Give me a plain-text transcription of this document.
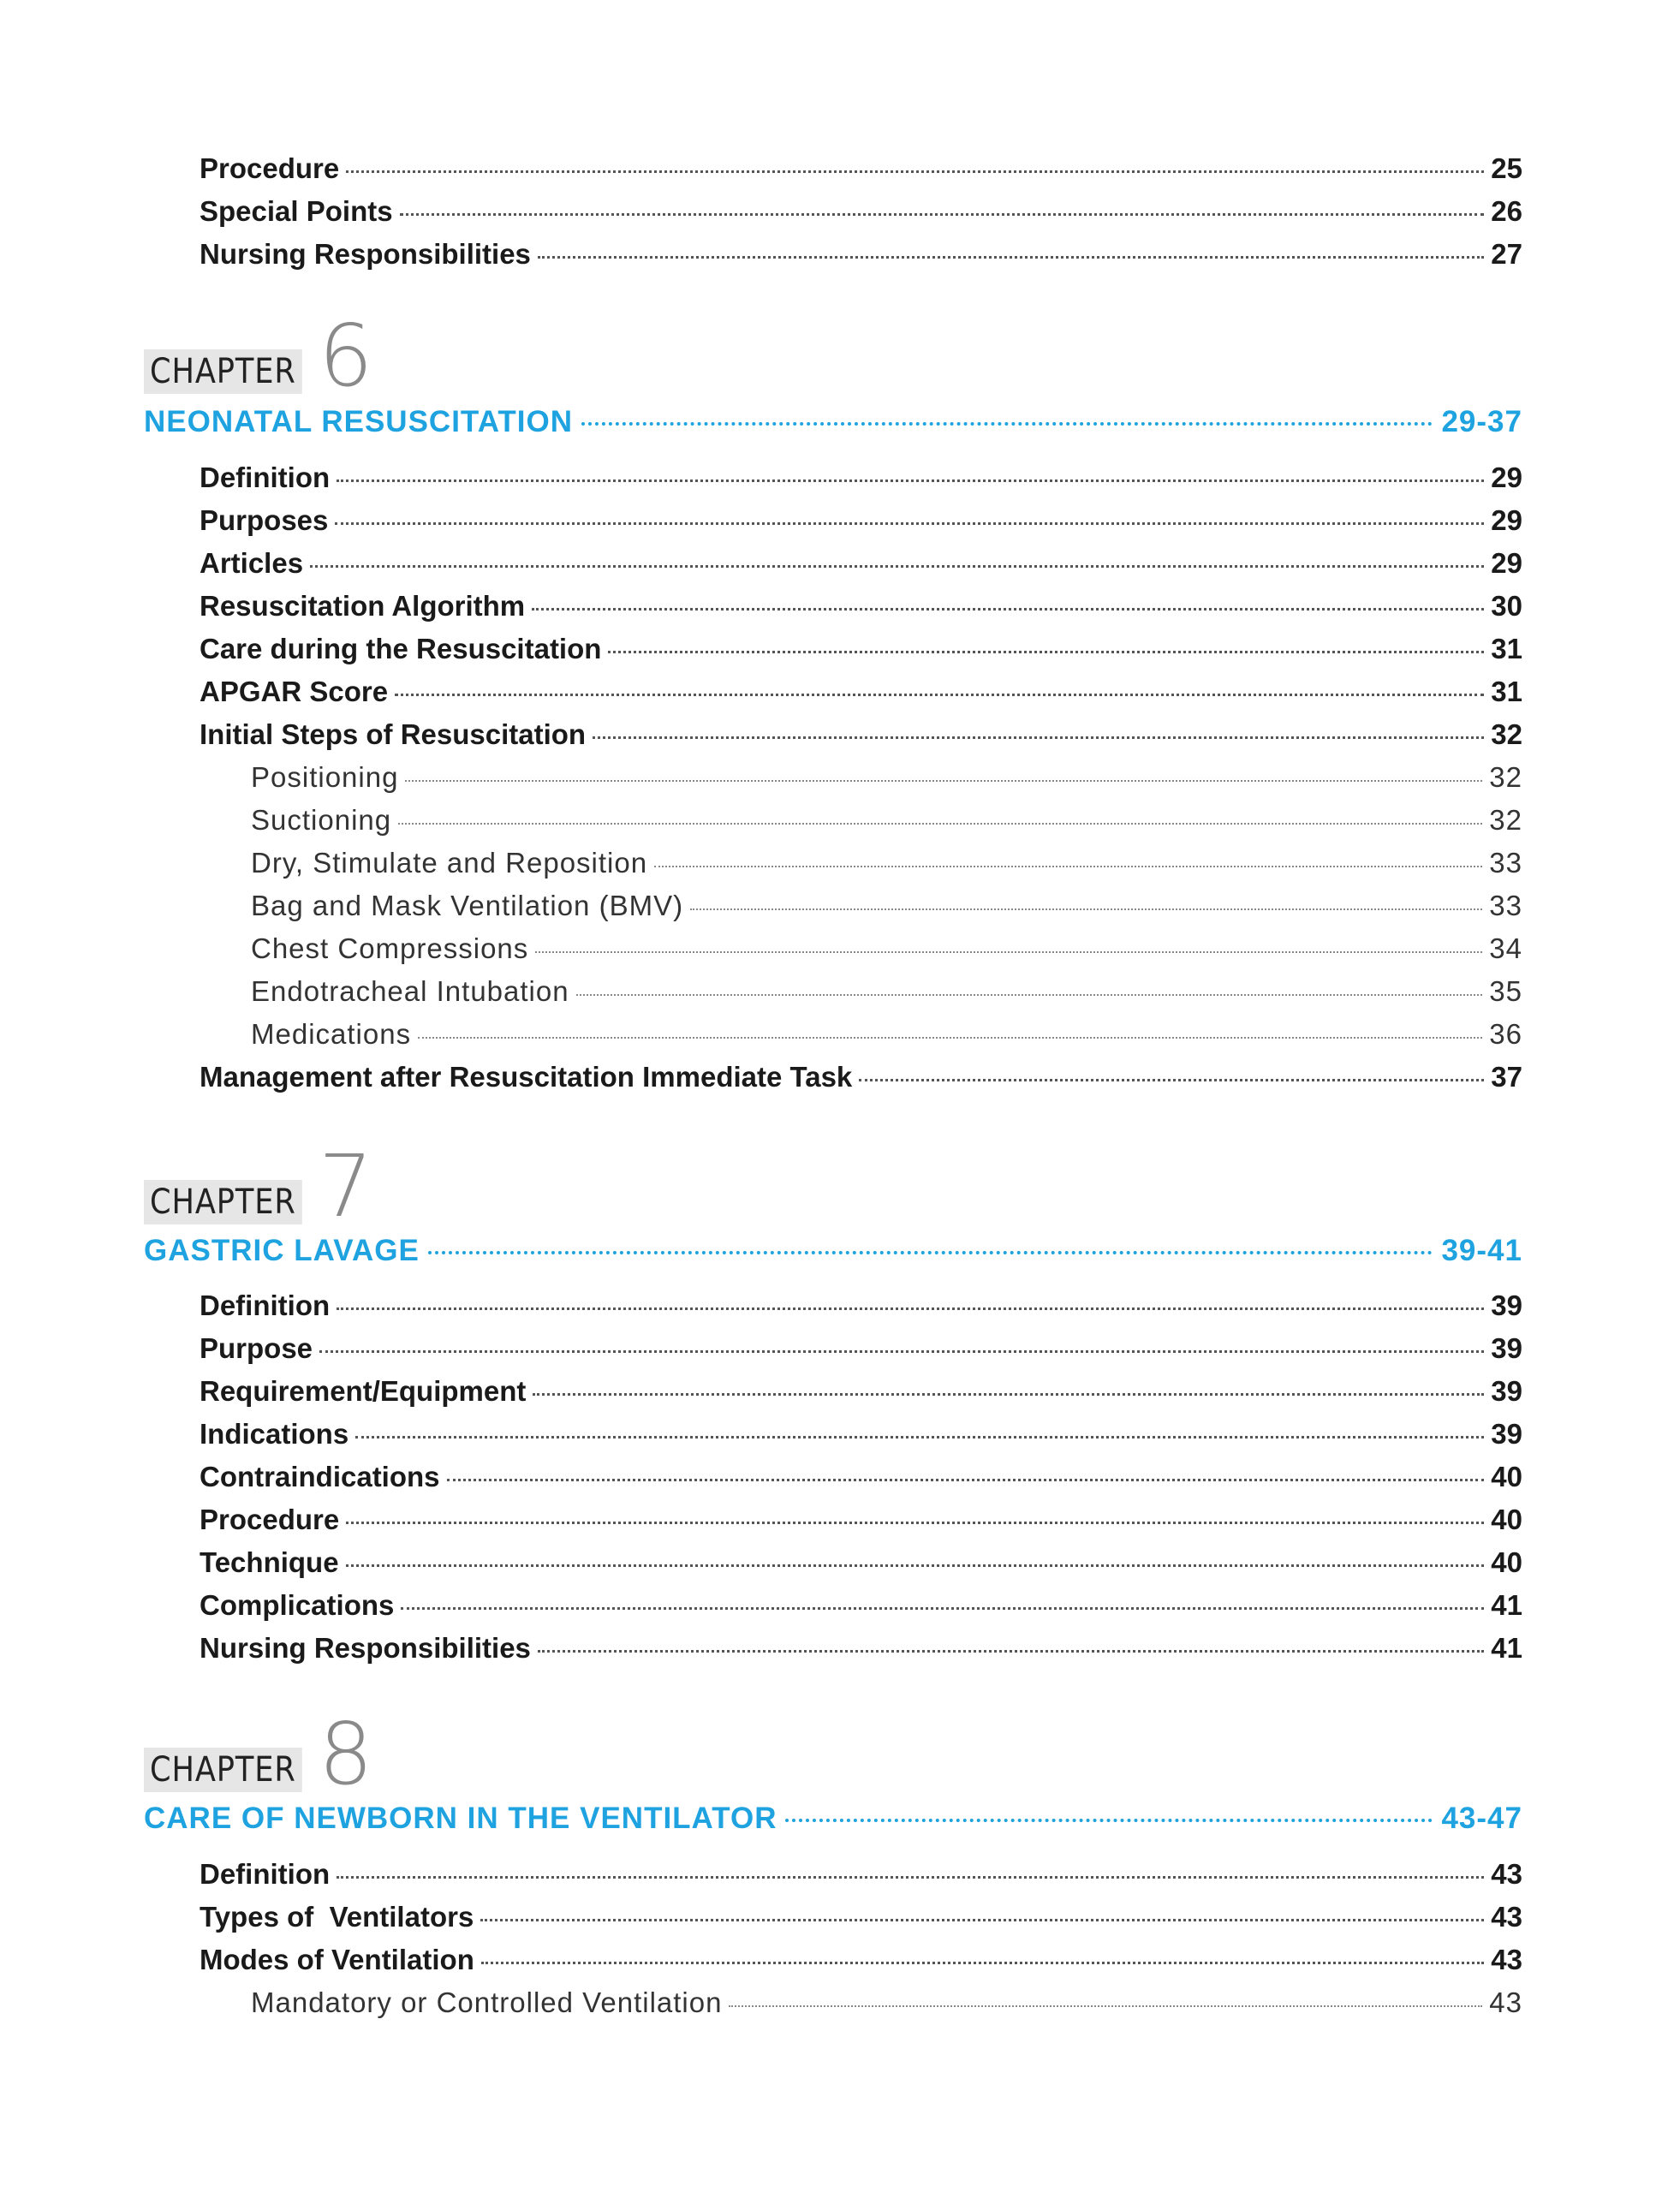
Procedure	25
Special Points	26
Nursing Responsibilities	27
CHAPTER 6
NEONATAL RESUSCITATION	29-37
Definition	29
Purposes	29
Articles	29
Resuscitation Algorithm	30
Care during the Resuscitation	31
APGAR Score	31
Initial Steps of Resuscitation	32
Positioning	32
Suctioning	32
Dry, Stimulate and Reposition	33
Bag and Mask Ventilation (BMV)	33
Chest Compressions	34
Endotracheal Intubation	35
Medications	36
Management after Resuscitation Immediate Task	37
CHAPTER 7
GASTRIC LAVAGE	39-41
Definition	39
Purpose	39
Requirement/Equipment	39
Indications	39
Contraindications	40
Procedure	40
Technique	40
Complications	41
Nursing Responsibilities	41
CHAPTER 8
CARE OF NEWBORN IN THE VENTILATOR	43-47
Definition	43
Types of  Ventilators	43
Modes of Ventilation	43
Mandatory or Controlled Ventilation	43
